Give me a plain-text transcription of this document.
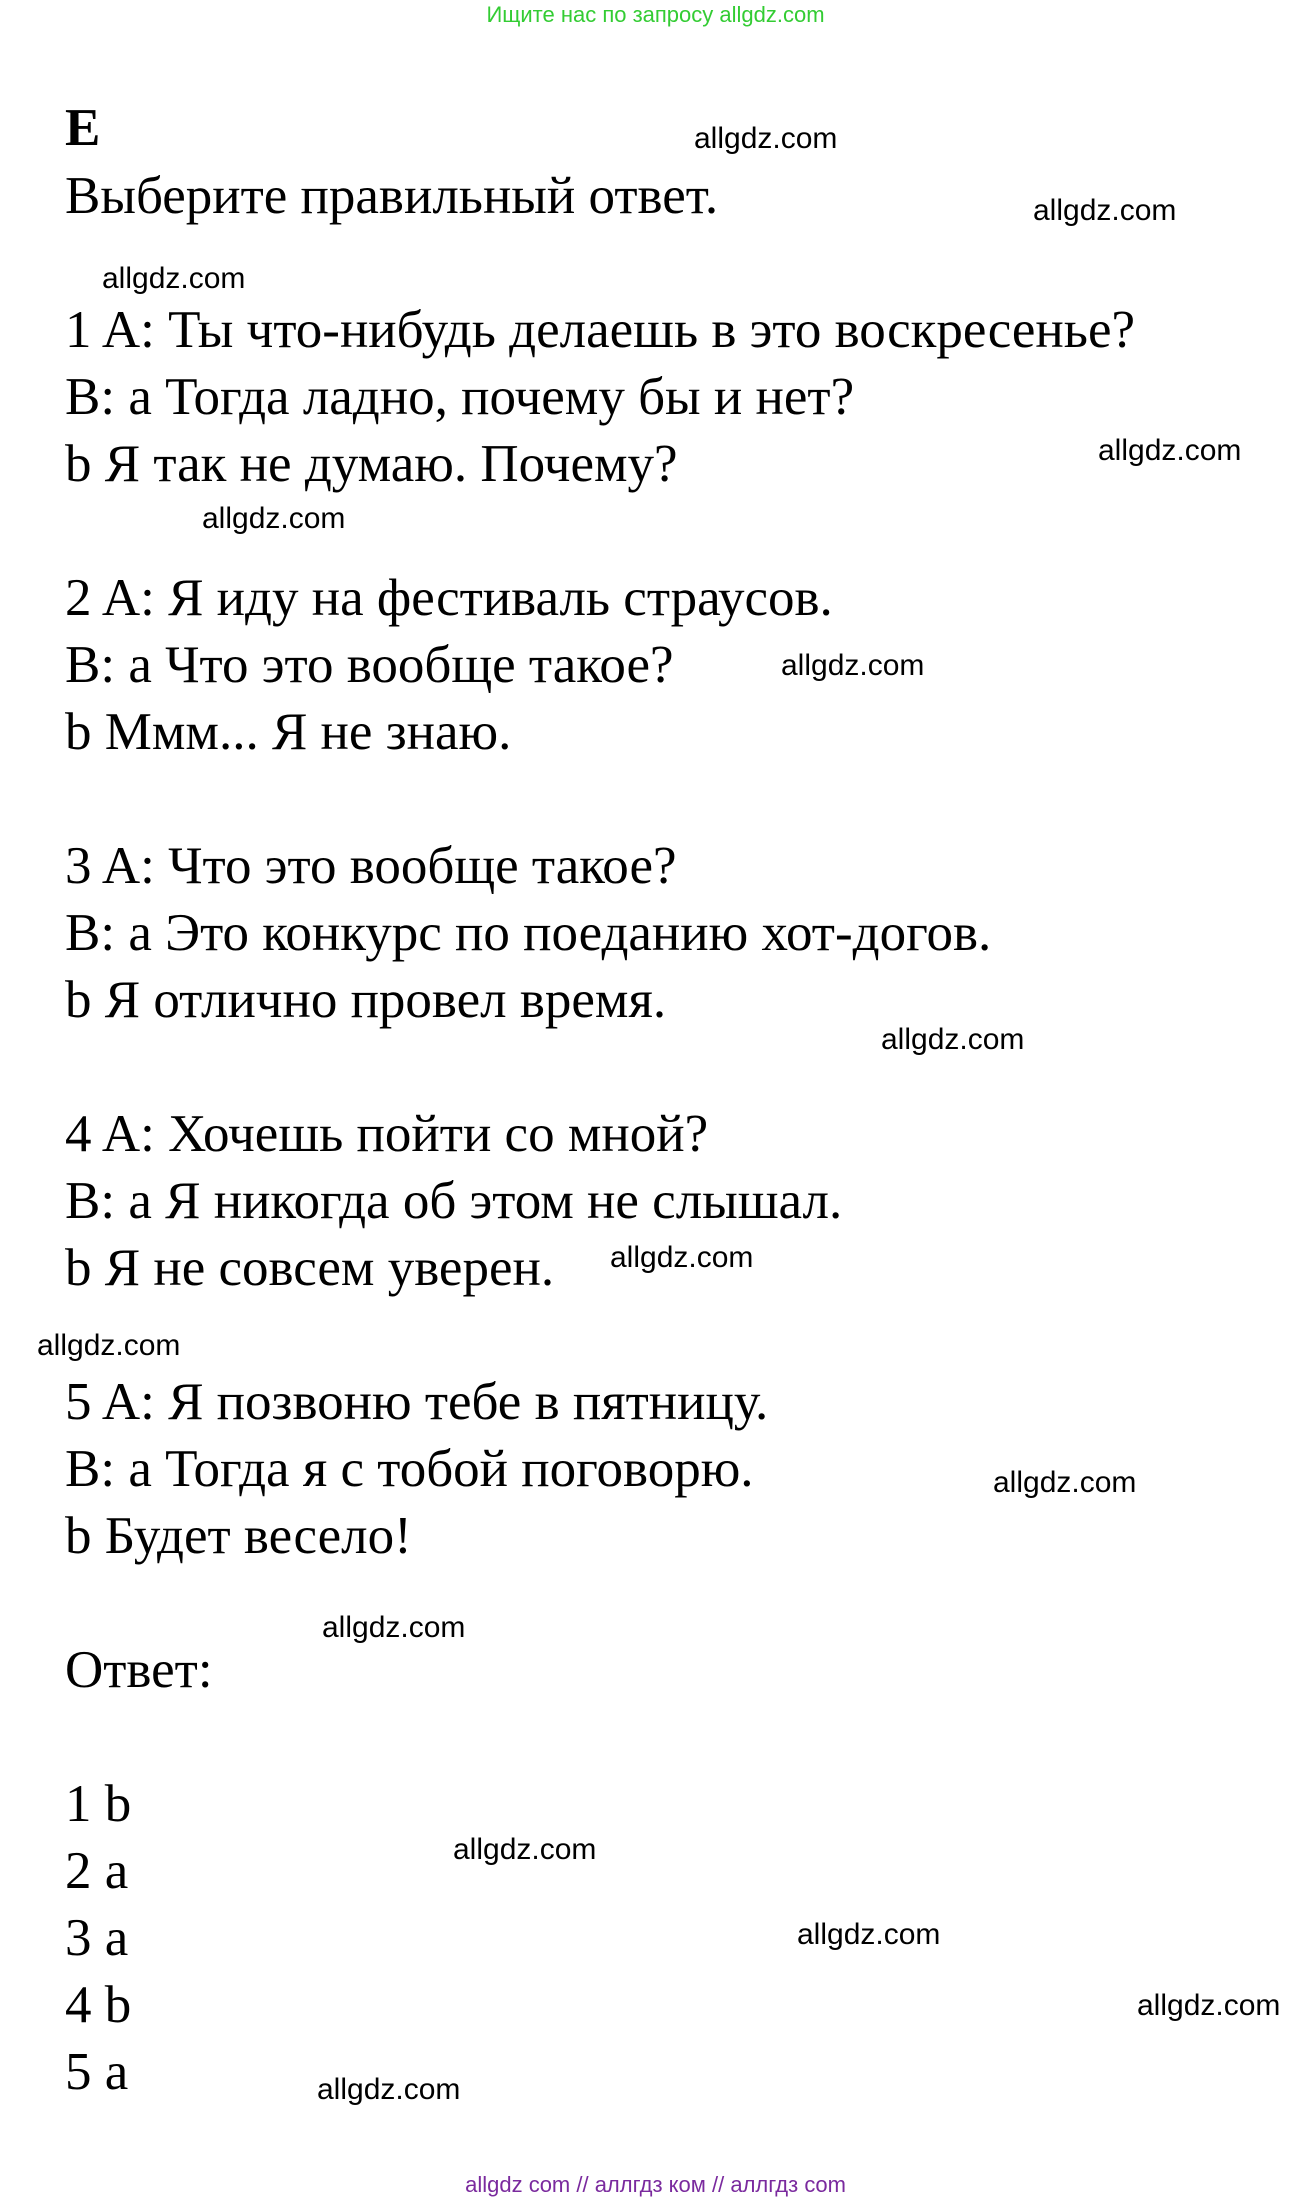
Ищите нас по запросу allgdz.com
E
Выберите правильный ответ.
1 A: Ты что-нибудь делаешь в это воскресенье?
B: a Тогда ладно, почему бы и нет?
b Я так не думаю. Почему?
2 A: Я иду на фестиваль страусов.
B: a Что это вообще такое?
b Ммм... Я не знаю.
3 A: Что это вообще такое?
B: a Это конкурс по поеданию хот-догов.
b Я отлично провел время.
4 A: Хочешь пойти со мной?
B: a Я никогда об этом не слышал.
b Я не совсем уверен.
5 A: Я позвоню тебе в пятницу.
B: a Тогда я с тобой поговорю.
b Будет весело!
Ответ:
1 b
2 a
3 a
4 b
5 a
allgdz.com
allgdz.com
allgdz.com
allgdz.com
allgdz.com
allgdz.com
allgdz.com
allgdz.com
allgdz.com
allgdz.com
allgdz.com
allgdz.com
allgdz.com
allgdz.com
allgdz.com
allgdz com // аллгдз ком // аллгдз com
